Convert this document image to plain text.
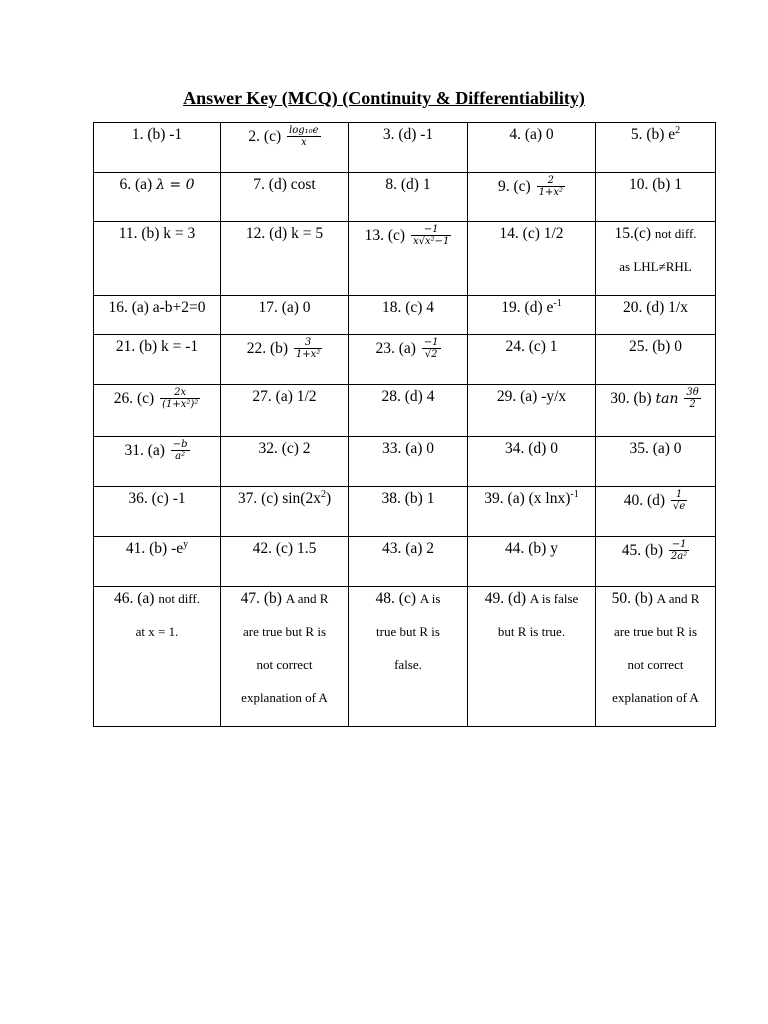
Answer Key (MCQ) (Continuity & Differentiability)
1. (b) -1	2. $(c) \frac{\text{log₁₀e}}{x}$	3. (d) -1	4. (a) 0	5. (b) $e^2$
6. (a) λ = 0	7. (d) cost	8. (d) 1	9. $(c) \frac{2}{\text{1+x²}}$	10. (b) 1
11. (b) k = 3	12. (d) k = 5	13. $(c) \frac{-1}{\text{x√x²−1}}$	14. (c) 1/2	15.(c) not diff.
as LHL≠RHL

16. (a) a-b+2=0	17. (a) 0	18. (c) 4	19. (d) $e^{-1}$	20. (d) 1/x
21. (b) k = -1	22. $(b) \frac{3}{\text{1+x²}}$	23. $(a) \frac{-1}{√2}$	24. (c) 1	25. (b) 0
26. $(c) \frac{2x}{\text{(1+x²)²}}$	27. (a) 1/2	28. (d) 4	29. (a) -y/x	30. (b) $\tan \frac{3\theta}{2}$

31. $(a) \frac{-b}{\text{a²}}$	32. (c) 2	33. (a) 0	34. (d) 0	35. (a) 0
36. (c) -1	37. (c) $\sin(2x^2)$	38. (b) 1	39. (a) (x lnx)$^{-1}$	40. $(d) \frac{1}{√e}$

41. (b) $-e^y$	42. (c) 1.5	43. (a) 2	44. (b) y	45. $(b) \frac{-1}{\text{2a²}}$

46. (a) not diff.
at x = 1.	47. (b) A and R
are true but R is
not correct
explanation of A	48. (c) A is
true but R is
false.	49. (d) A is false
but R is true.	50. (b) A and R
are true but R is
not correct
explanation of A
